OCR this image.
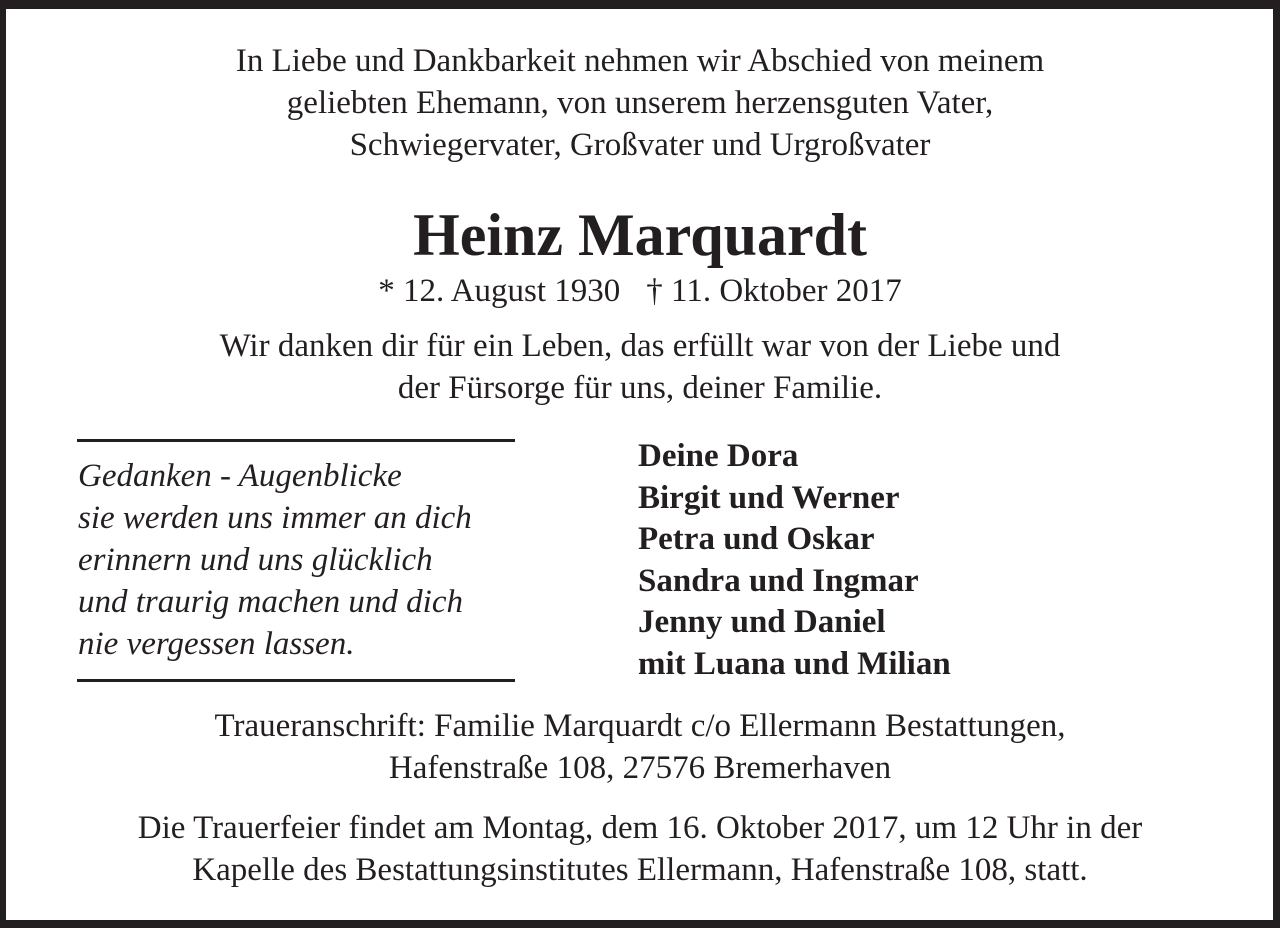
In Liebe und Dankbarkeit nehmen wir Abschied von meinem
geliebten Ehemann, von unserem herzensguten Vater,
Schwiegervater, Großvater und Urgroßvater
Heinz Marquardt
* 12. August 1930 † 11. Oktober 2017
Wir danken dir für ein Leben, das erfüllt war von der Liebe und
der Fürsorge für uns, deiner Familie.
Gedanken - Augenblicke
sie werden uns immer an dich
erinnern und uns glücklich
und traurig machen und dich
nie vergessen lassen.
Deine Dora
Birgit und Werner
Petra und Oskar
Sandra und Ingmar
Jenny und Daniel
mit Luana und Milian
Traueranschrift: Familie Marquardt c/o Ellermann Bestattungen,
Hafenstraße 108, 27576 Bremerhaven
Die Trauerfeier findet am Montag, dem 16. Oktober 2017, um 12 Uhr in der
Kapelle des Bestattungsinstitutes Ellermann, Hafenstraße 108, statt.
